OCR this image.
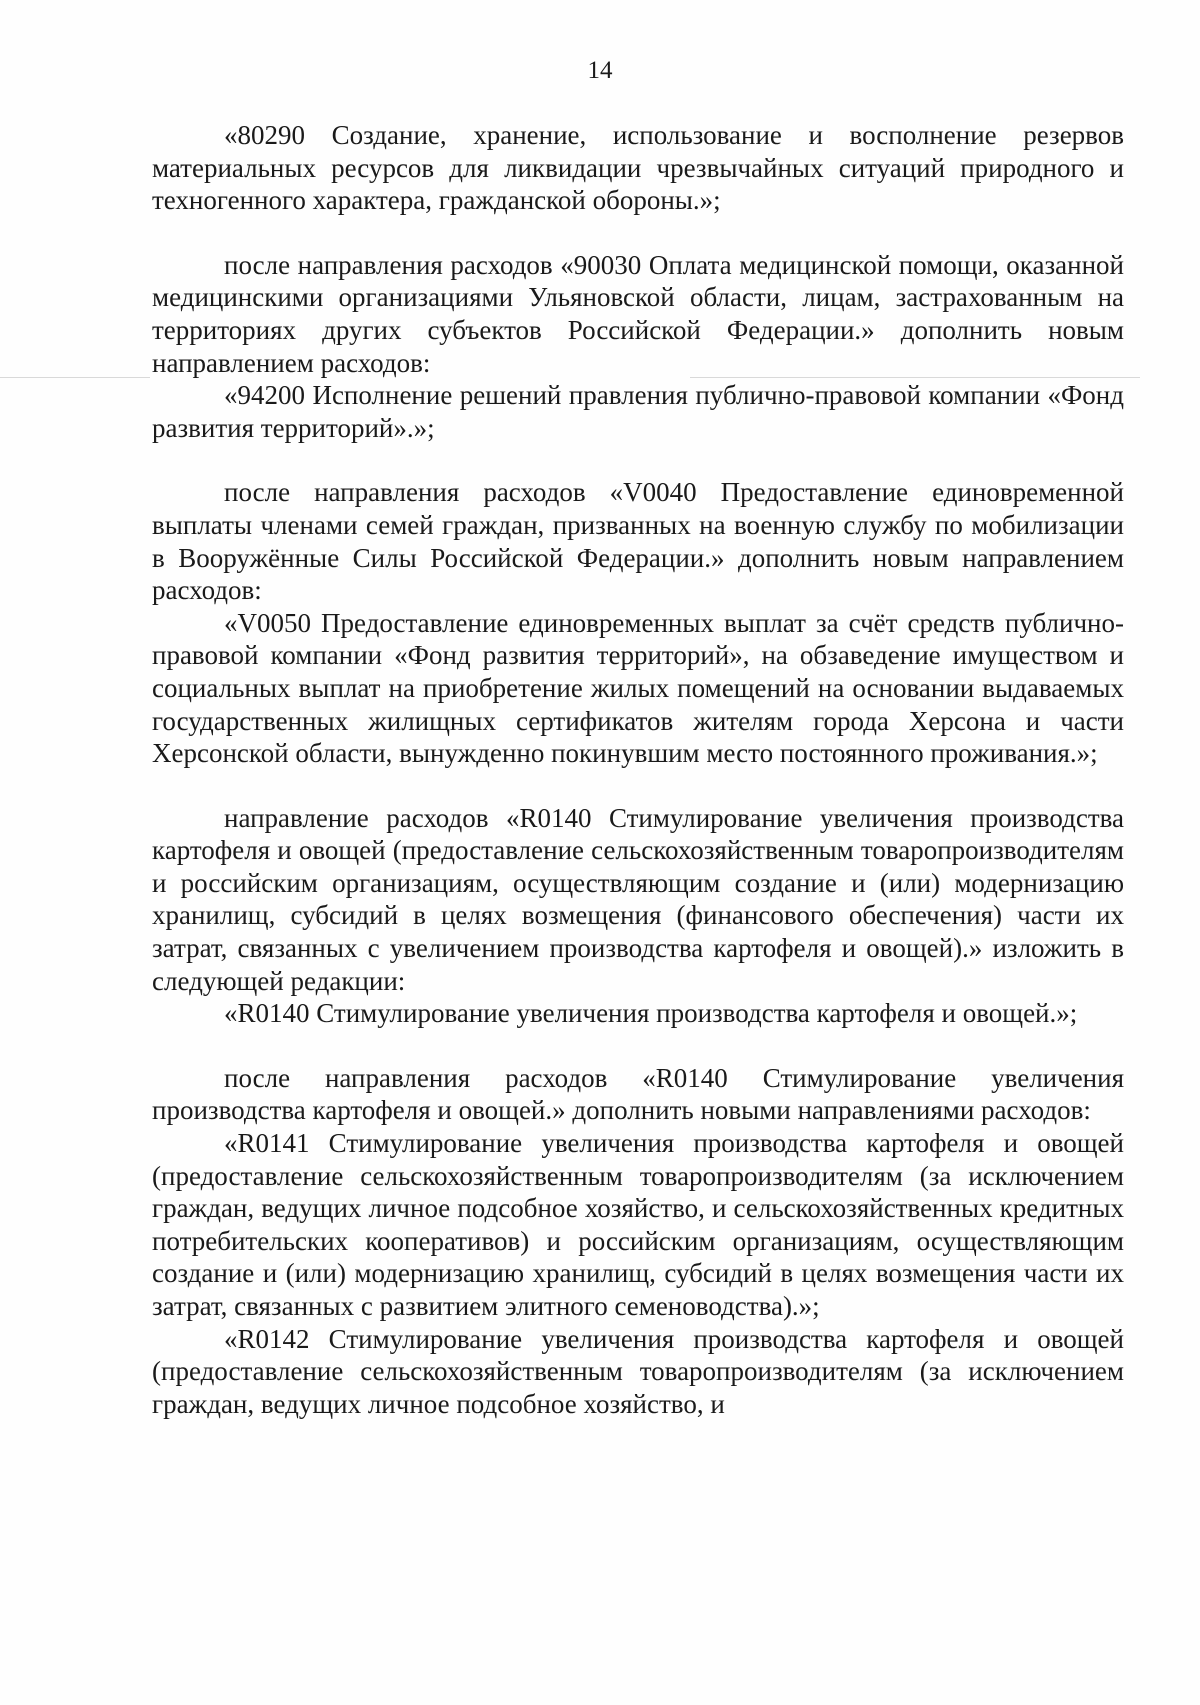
14

«80290 Создание, хранение, использование и восполнение резервов материальных ресурсов для ликвидации чрезвычайных ситуаций природного и техногенного характера, гражданской обороны.»;

после направления расходов «90030 Оплата медицинской помощи, оказанной медицинскими организациями Ульяновской области, лицам, застрахованным на территориях других субъектов Российской Федерации.» дополнить новым направлением расходов:

«94200 Исполнение решений правления публично-правовой компании «Фонд развития территорий».»;

после направления расходов «V0040 Предоставление единовременной выплаты членами семей граждан, призванных на военную службу по мобилизации в Вооружённые Силы Российской Федерации.» дополнить новым направлением расходов:

«V0050 Предоставление единовременных выплат за счёт средств публично-правовой компании «Фонд развития территорий», на обзаведение имуществом и социальных выплат на приобретение жилых помещений на основании выдаваемых государственных жилищных сертификатов жителям города Херсона и части Херсонской области, вынужденно покинувшим место постоянного проживания.»;

направление расходов «R0140 Стимулирование увеличения производства картофеля и овощей (предоставление сельскохозяйственным товаропроизводителям и российским организациям, осуществляющим создание и (или) модернизацию хранилищ, субсидий в целях возмещения (финансового обеспечения) части их затрат, связанных с увеличением производства картофеля и овощей).» изложить в следующей редакции:

«R0140 Стимулирование увеличения производства картофеля и овощей.»;

после направления расходов «R0140 Стимулирование увеличения производства картофеля и овощей.» дополнить новыми направлениями расходов:

«R0141 Стимулирование увеличения производства картофеля и овощей (предоставление сельскохозяйственным товаропроизводителям (за исключением граждан, ведущих личное подсобное хозяйство, и сельскохозяйственных кредитных потребительских кооперативов) и российским организациям, осуществляющим создание и (или) модернизацию хранилищ, субсидий в целях возмещения части их затрат, связанных с развитием элитного семеноводства).»;

«R0142 Стимулирование увеличения производства картофеля и овощей (предоставление сельскохозяйственным товаропроизводителям (за исключением граждан, ведущих личное подсобное хозяйство, и
